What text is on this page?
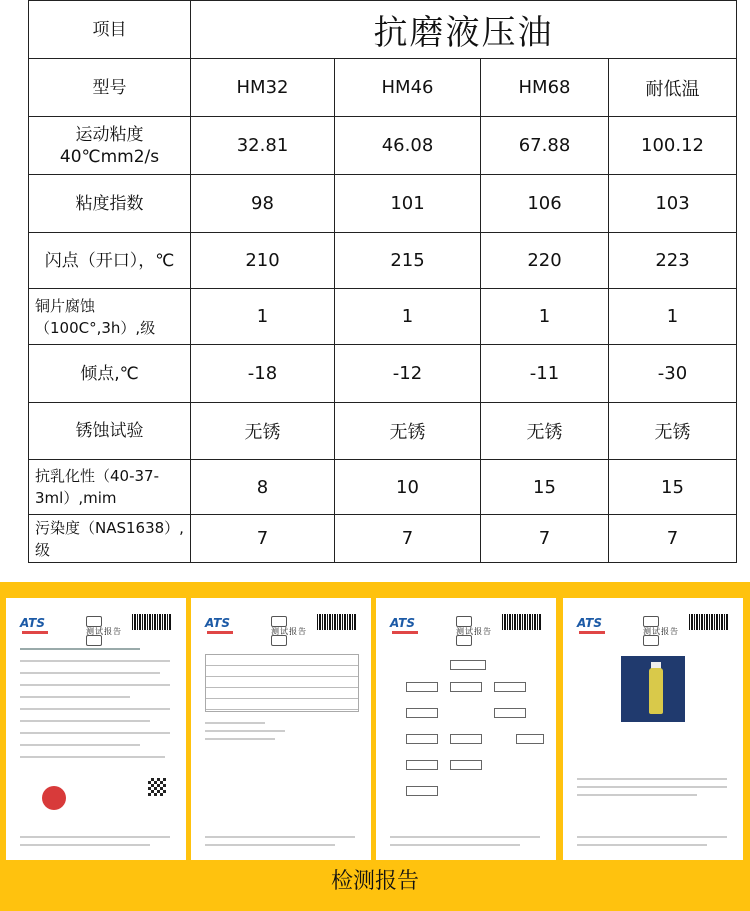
项目	抗磨液压油			
型号	HM32	HM46	HM68	耐低温
运动粘度40℃mm2/s	32.81	46.08	67.88	100.12
粘度指数	98	101	106	103
闪点（开口），℃	210	215	220	223
铜片腐蚀（100C°,3h）,级	1	1	1	1
倾点,℃	-18	-12	-11	-30
锈蚀试验	无锈	无锈	无锈	无锈
抗乳化性（40-37-3ml）,mim	8	10	15	15
污染度（NAS1638）,级	7	7	7	7
ATS
测试报告
ATS
测试报告
ATS
测试报告
ATS
测试报告
检测报告
